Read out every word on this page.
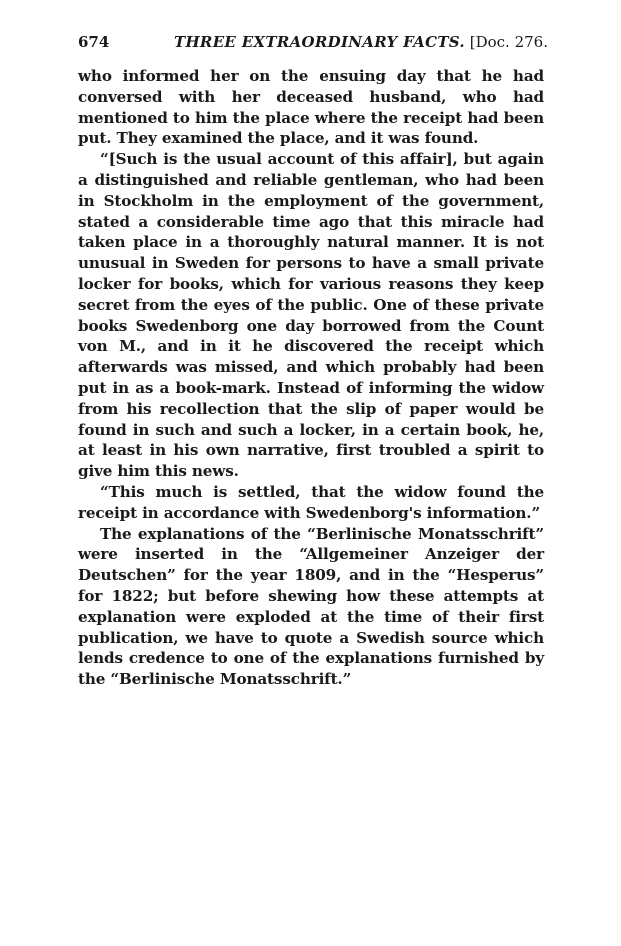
674	THREE EXTRAORDINARY FACTS. [Doc. 276.

who informed her on the ensuing day that he had conversed with her deceased husband, who had mentioned to him the place where the receipt had been put. They examined the place, and it was found.

“[Such is the usual account of this affair], but again a distinguished and reliable gentleman, who had been in Stockholm in the employment of the government, stated a considerable time ago that this miracle had taken place in a thoroughly natural manner. It is not unusual in Sweden for persons to have a small private locker for books, which for various reasons they keep secret from the eyes of the public. One of these private books Swedenborg one day borrowed from the Count von M., and in it he discovered the receipt which afterwards was missed, and which probably had been put in as a book-mark. Instead of informing the widow from his recollection that the slip of paper would be found in such and such a locker, in a certain book, he, at least in his own narrative, first troubled a spirit to give him this news.

“This much is settled, that the widow found the receipt in accordance with Swedenborg's information.”

The explanations of the “Berlinische Monatsschrift” were inserted in the “Allgemeiner Anzeiger der Deutschen” for the year 1809, and in the “Hesperus” for 1822; but before shewing how these attempts at explanation were exploded at the time of their first publication, we have to quote a Swedish source which lends credence to one of the explanations furnished by the “Berlinische Monatsschrift.”
